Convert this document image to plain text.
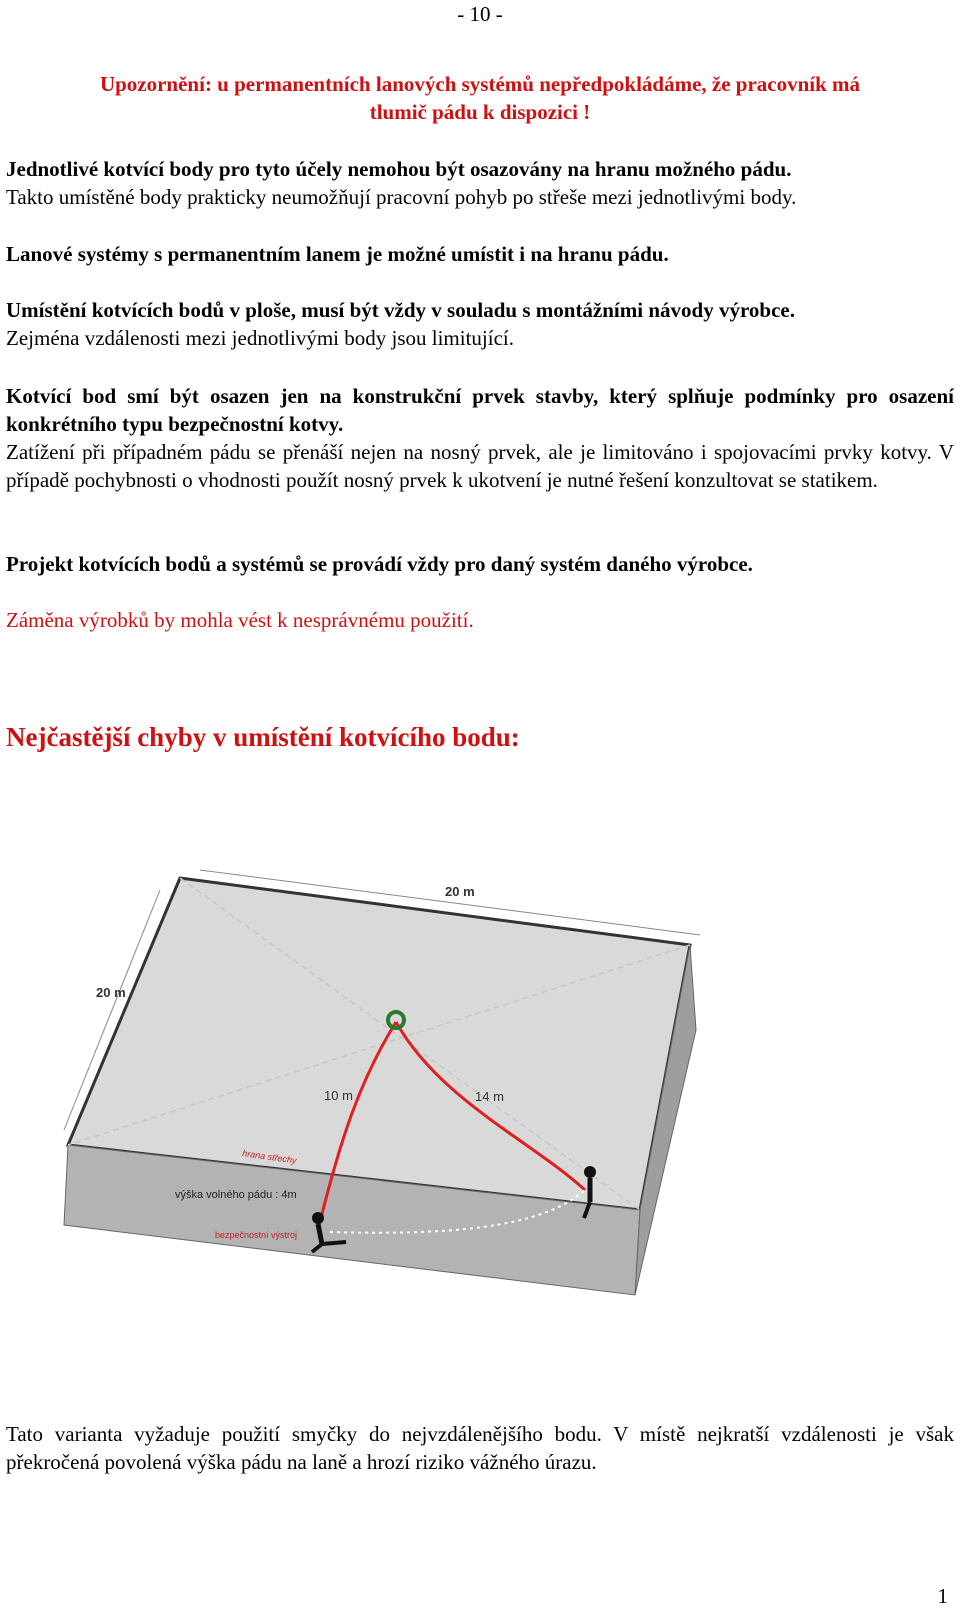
- 10 -

Upozornění: u permanentních lanových systémů nepředpokládáme, že pracovník má
tlumič pádu k dispozici !

Jednotlivé kotvící body pro tyto účely nemohou být osazovány na hranu možného pádu.
Takto umístěné body prakticky neumožňují pracovní pohyb po střeše mezi jednotlivými body.

Lanové systémy s permanentním lanem je možné umístit i na hranu pádu.

Umístění kotvících bodů v ploše, musí být vždy v souladu s montážními návody výrobce.
Zejména vzdálenosti mezi jednotlivými body jsou limitující.

Kotvící bod smí být osazen jen na konstrukční prvek stavby, který splňuje podmínky pro osazení konkrétního typu bezpečnostní kotvy.
Zatížení při případném pádu se přenáší nejen na nosný prvek, ale je limitováno i spojovacími prvky kotvy. V případě pochybnosti o vhodnosti použít nosný prvek k ukotvení je nutné řešení konzultovat se statikem.

Projekt kotvících bodů a systémů se provádí vždy pro daný systém daného výrobce.

Záměna výrobků by mohla vést k nesprávnému použití.

Nejčastější chyby v umístění kotvícího bodu:
20 m
20 m
10 m	14 m
hrana střechy
výška volného pádu : 4m
bezpečnostní výstroj

Tato varianta vyžaduje použití smyčky do nejvzdálenějšího bodu. V místě nejkratší vzdálenosti je však překročená povolená výška pádu na laně a hrozí riziko vážného úrazu.

1
